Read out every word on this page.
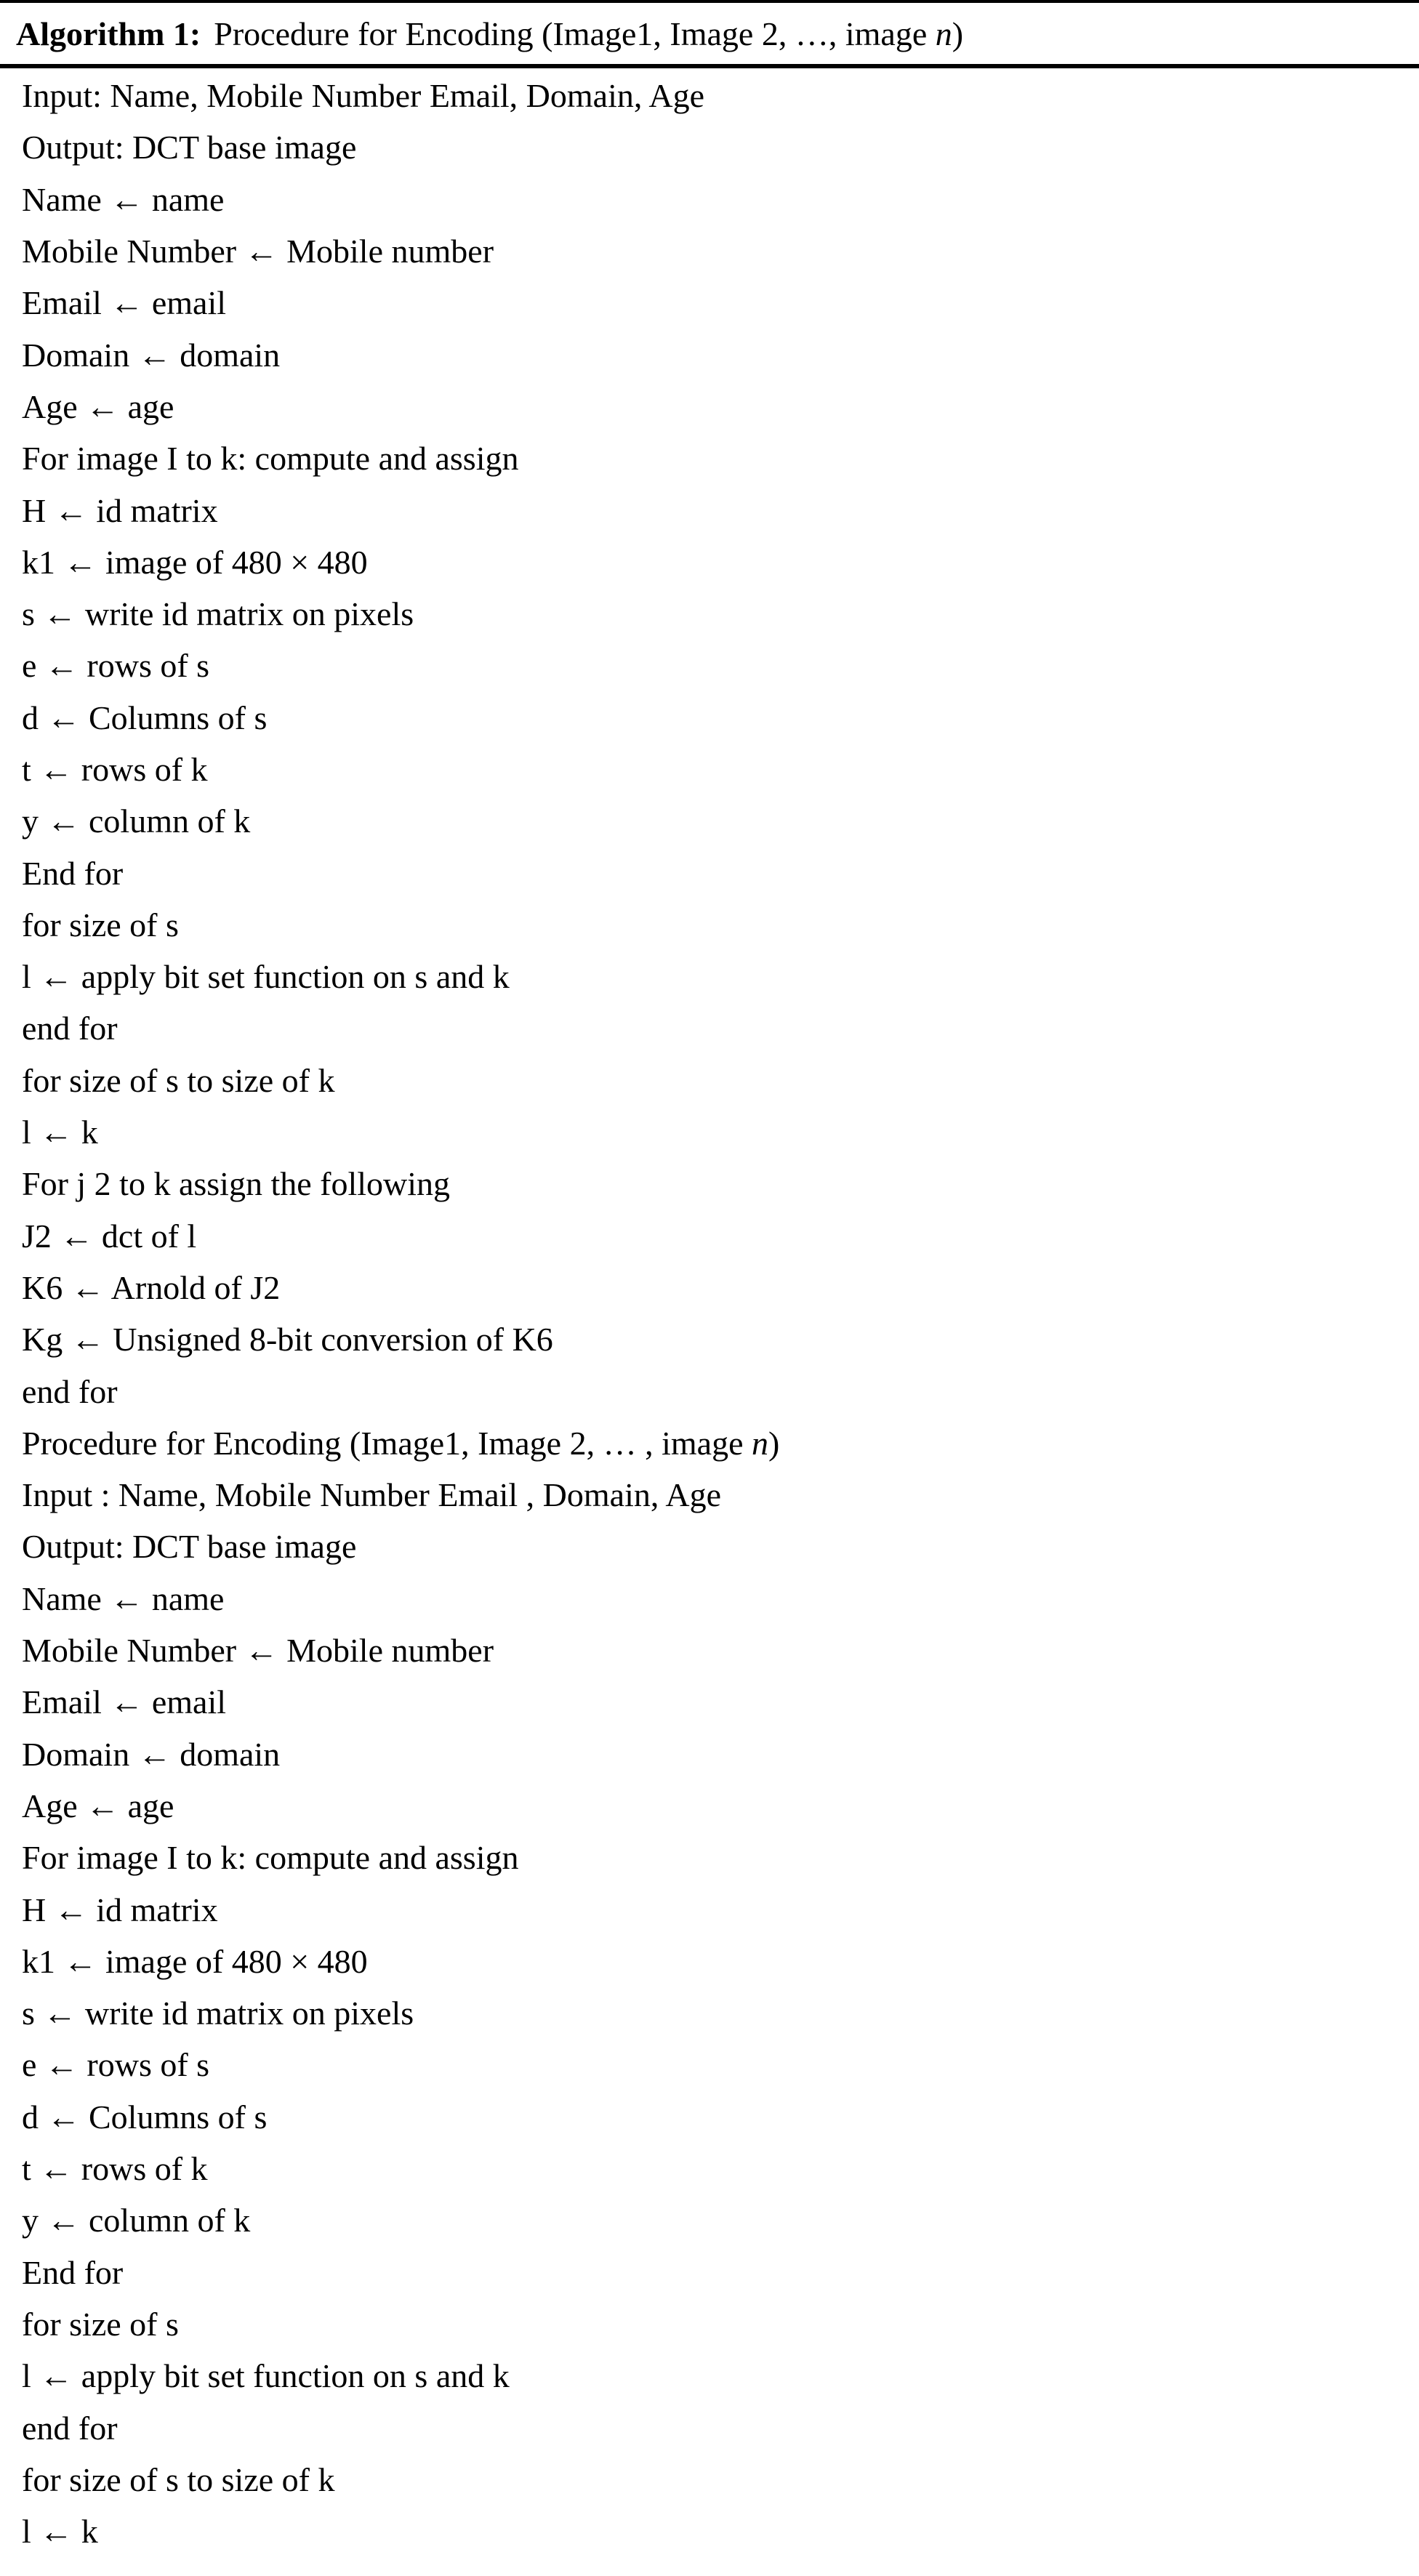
Algorithm 1: Procedure for Encoding (Image1, Image 2, …, image n )
Input: Name, Mobile Number Email, Domain, Age
Output: DCT base image
Name ← name
Mobile Number ← Mobile number
Email ← email
Domain ← domain
Age ← age
For image I to k: compute and assign
H ← id matrix
k1 ← image of 480 × 480
s ← write id matrix on pixels
e ← rows of s
d ← Columns of s
t ← rows of k
y ← column of k
End for
for size of s
l ← apply bit set function on s and k
end for
for size of s to size of k
l ← k
For j 2 to k assign the following
J2 ← dct of l
K6 ← Arnold of J2
Kg ← Unsigned 8-bit conversion of K6
end for
Procedure for Encoding (Image1, Image 2, … , image n )
Input : Name, Mobile Number Email , Domain, Age
Output: DCT base image
Name ← name
Mobile Number ← Mobile number
Email ← email
Domain ← domain
Age ← age
For image I to k: compute and assign
H ← id matrix
k1 ← image of 480 × 480
s ← write id matrix on pixels
e ← rows of s
d ← Columns of s
t ← rows of k
y ← column of k
End for
for size of s
l ← apply bit set function on s and k
end for
for size of s to size of k
l ← k
